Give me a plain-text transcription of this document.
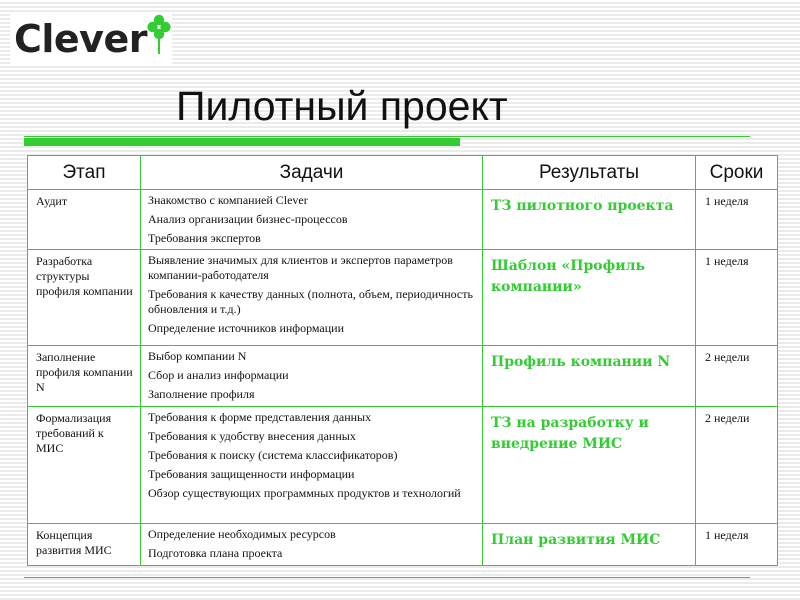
Clever
Пилотный проект
Этап	Задачи	Результаты	Сроки
Аудит	Знакомство с компанией Clever
Анализ организации бизнес-процессов
Требования экспертов	ТЗ пилотного проекта	1 неделя
Разработка структуры профиля компании	Выявление значимых для клиентов и экспертов параметров компании-работодателя
Требования к качеству данных (полнота, объем, периодичность обновления и т.д.)
Определение источников информации	Шаблон «Профиль компании»	1 неделя
Заполнение профиля компании N	Выбор компании N
Сбор и анализ информации
Заполнение профиля	Профиль компании N	2 недели
Формализация требований к МИС	Требования к форме представления данных
Требования к удобству внесения данных
Требования к поиску (система классификаторов)
Требования защищенности информации
Обзор существующих программных продуктов и технологий	ТЗ на разработку и внедрение МИС	2 недели
Концепция развития МИС	Определение необходимых ресурсов
Подготовка плана проекта	План развития МИС	1 неделя
